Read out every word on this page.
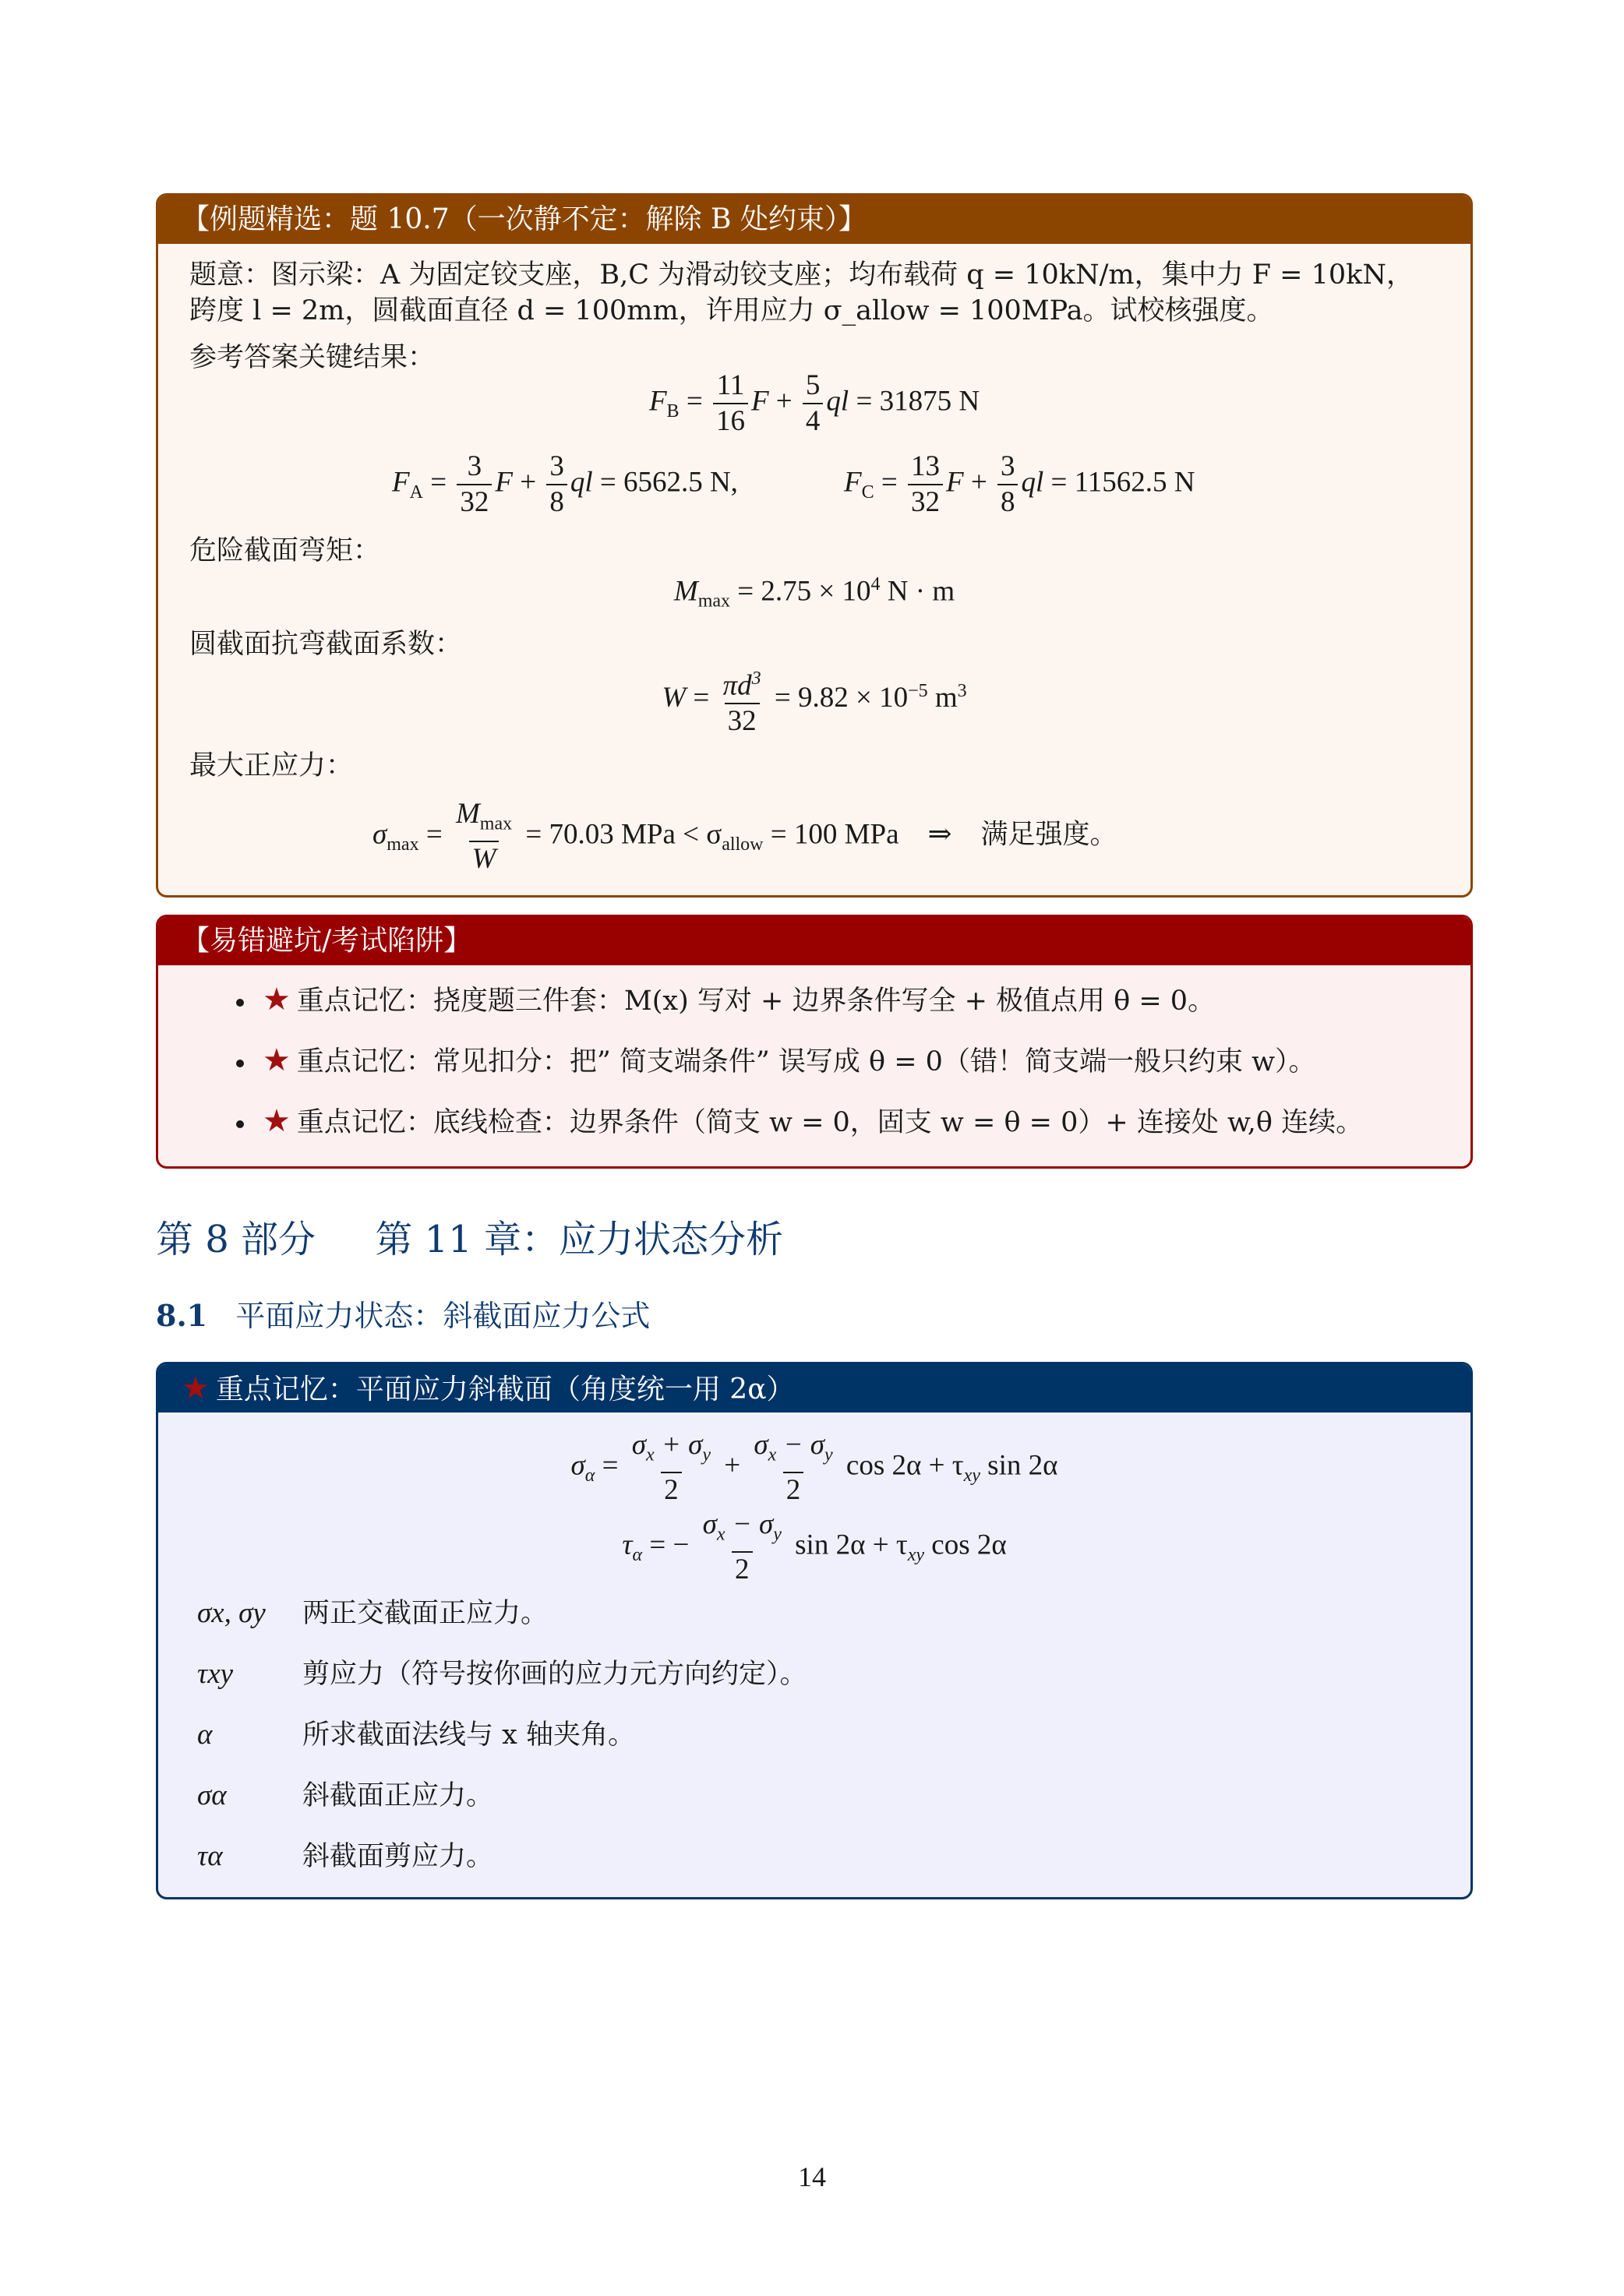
【例题精选：题 10.7（一次静不定：解除 B 处约束）】
题意：图示梁：A 为固定铰支座，B,C 为滑动铰支座；均布载荷 q = 10kN/m，集中力 F = 10kN，
跨度 l = 2m，圆截面直径 d = 100mm，许用应力 σ_allow = 100MPa。试校核强度。
参考答案关键结果：
$F_B = \frac{11}{16}$ $F + \frac{5}{4}$ ql = 31875 N
$F_A = \frac{3}{32}$ $F + \frac{3}{8}$ ql = 6562.5 N,	$F_C = \frac{13}{32}$ $F + \frac{3}{8}$ ql = 11562.5 N
危险截面弯矩：
$M_{max} = 2.75 \times 10^4$ N · m
圆截面抗弯截面系数：
$W = \frac{\pi d^3}{32} = 9.82 \times 10^{-5}$ $m^3$
最大正应力：
$\sigma_{max} = \frac{M_{max}}{W} = 70.03$ MPa < $\sigma_{allow} = 100$ MPa ⇒ 满足强度。
【易错避坑/考试陷阱】
★ 重点记忆：挠度题三件套：M(x) 写对 + 边界条件写全 + 极值点用 θ = 0。
★ 重点记忆：常见扣分：把” 简支端条件” 误写成 θ = 0（错！简支端一般只约束 w）。
★ 重点记忆：底线检查：边界条件（简支 w = 0，固支 w = θ = 0）+ 连接处 w,θ 连续。
第 8 部分 第 11 章：应力状态分析
8.1 平面应力状态：斜截面应力公式
★ 重点记忆：平面应力斜截面（角度统一用 2α）
$\sigma_\alpha = \frac{\sigma_x + \sigma_y}{2} + \frac{\sigma_x - \sigma_y}{2}$ $\cos 2\alpha + \tau_{xy}$ sin 2α
$\tau_\alpha$ = − $\frac{\sigma_x - \sigma_y}{2}$ $\sin 2\alpha + \tau_{xy}$ cos 2α
σx, σy 两正交截面正应力。
τxy	剪应力（符号按你画的应力元方向约定）。
α	所求截面法线与 x 轴夹角。
σα	斜截面正应力。
τα	斜截面剪应力。
14
